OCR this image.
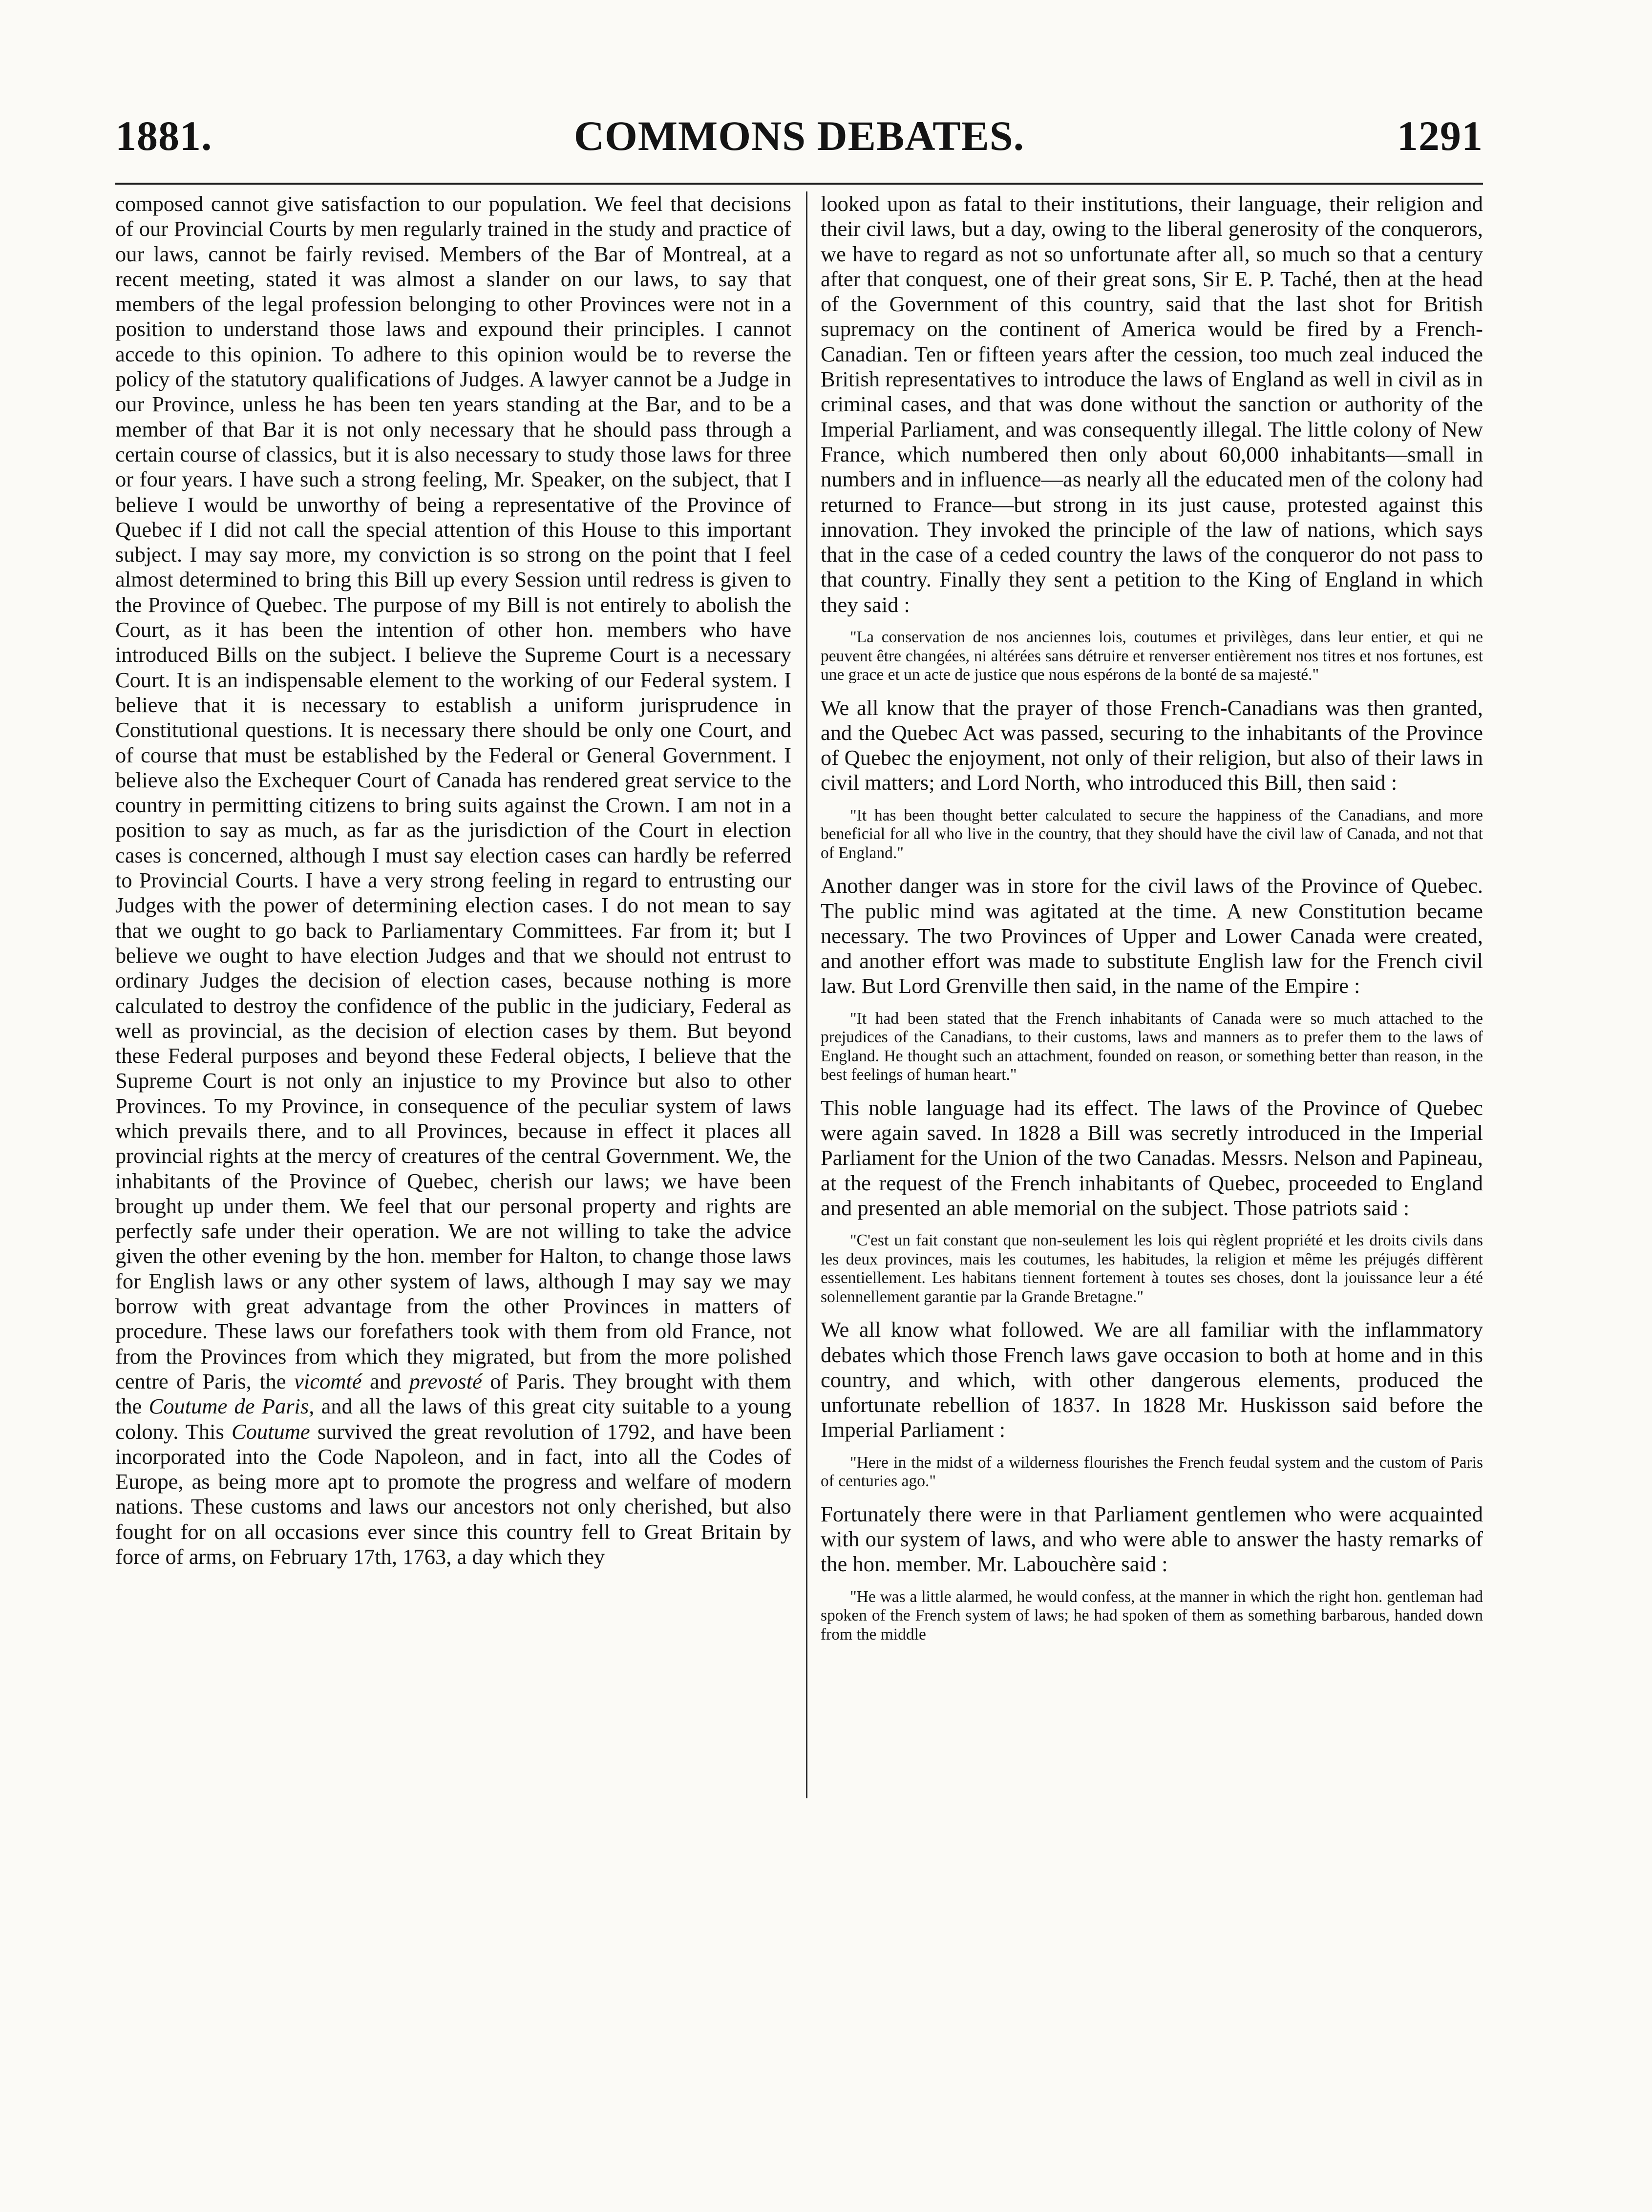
1881.	COMMONS DEBATES.	1291

composed cannot give satisfaction to our population. We feel that decisions of our Provincial Courts by men regularly trained in the study and practice of our laws, cannot be fairly revised. Members of the Bar of Montreal, at a recent meeting, stated it was almost a slander on our laws, to say that members of the legal profession belonging to other Provinces were not in a position to understand those laws and expound their principles. I cannot accede to this opinion. To adhere to this opinion would be to reverse the policy of the statutory qualifications of Judges. A lawyer cannot be a Judge in our Province, unless he has been ten years standing at the Bar, and to be a member of that Bar it is not only necessary that he should pass through a certain course of classics, but it is also necessary to study those laws for three or four years. I have such a strong feeling, Mr. Speaker, on the subject, that I believe I would be unworthy of being a representative of the Province of Quebec if I did not call the special attention of this House to this important subject. I may say more, my conviction is so strong on the point that I feel almost determined to bring this Bill up every Session until redress is given to the Province of Quebec. The purpose of my Bill is not entirely to abolish the Court, as it has been the intention of other hon. members who have introduced Bills on the subject. I believe the Supreme Court is a necessary Court. It is an indispensable element to the working of our Federal system. I believe that it is necessary to establish a uniform jurisprudence in Constitutional questions. It is necessary there should be only one Court, and of course that must be established by the Federal or General Government. I believe also the Exchequer Court of Canada has rendered great service to the country in permitting citizens to bring suits against the Crown. I am not in a position to say as much, as far as the jurisdiction of the Court in election cases is concerned, although I must say election cases can hardly be referred to Provincial Courts. I have a very strong feeling in regard to entrusting our Judges with the power of determining election cases. I do not mean to say that we ought to go back to Parliamentary Committees. Far from it; but I believe we ought to have election Judges and that we should not entrust to ordinary Judges the decision of election cases, because nothing is more calculated to destroy the confidence of the public in the judiciary, Federal as well as provincial, as the decision of election cases by them. But beyond these Federal purposes and beyond these Federal objects, I believe that the Supreme Court is not only an injustice to my Province but also to other Provinces. To my Province, in consequence of the peculiar system of laws which prevails there, and to all Provinces, because in effect it places all provincial rights at the mercy of creatures of the central Government. We, the inhabitants of the Province of Quebec, cherish our laws; we have been brought up under them. We feel that our personal property and rights are perfectly safe under their operation. We are not willing to take the advice given the other evening by the hon. member for Halton, to change those laws for English laws or any other system of laws, although I may say we may borrow with great advantage from the other Provinces in matters of procedure. These laws our forefathers took with them from old France, not from the Provinces from which they migrated, but from the more polished centre of Paris, the vicomté and prevosté of Paris. They brought with them the Coutume de Paris, and all the laws of this great city suitable to a young colony. This Coutume survived the great revolution of 1792, and have been incorporated into the Code Napoleon, and in fact, into all the Codes of Europe, as being more apt to promote the progress and welfare of modern nations. These customs and laws our ancestors not only cherished, but also fought for on all occasions ever since this country fell to Great Britain by force of arms, on February 17th, 1763, a day which they

looked upon as fatal to their institutions, their language, their religion and their civil laws, but a day, owing to the liberal generosity of the conquerors, we have to regard as not so unfortunate after all, so much so that a century after that conquest, one of their great sons, Sir E. P. Taché, then at the head of the Government of this country, said that the last shot for British supremacy on the continent of America would be fired by a French-Canadian. Ten or fifteen years after the cession, too much zeal induced the British representatives to introduce the laws of England as well in civil as in criminal cases, and that was done without the sanction or authority of the Imperial Parliament, and was consequently illegal. The little colony of New France, which numbered then only about 60,000 inhabitants—small in numbers and in influence—as nearly all the educated men of the colony had returned to France—but strong in its just cause, protested against this innovation. They invoked the principle of the law of nations, which says that in the case of a ceded country the laws of the conqueror do not pass to that country. Finally they sent a petition to the King of England in which they said :

"La conservation de nos anciennes lois, coutumes et privilèges, dans leur entier, et qui ne peuvent être changées, ni altérées sans détruire et renverser entièrement nos titres et nos fortunes, est une grace et un acte de justice que nous espérons de la bonté de sa majesté."

We all know that the prayer of those French-Canadians was then granted, and the Quebec Act was passed, securing to the inhabitants of the Province of Quebec the enjoyment, not only of their religion, but also of their laws in civil matters; and Lord North, who introduced this Bill, then said :

"It has been thought better calculated to secure the happiness of the Canadians, and more beneficial for all who live in the country, that they should have the civil law of Canada, and not that of England."

Another danger was in store for the civil laws of the Province of Quebec. The public mind was agitated at the time. A new Constitution became necessary. The two Provinces of Upper and Lower Canada were created, and another effort was made to substitute English law for the French civil law. But Lord Grenville then said, in the name of the Empire :

"It had been stated that the French inhabitants of Canada were so much attached to the prejudices of the Canadians, to their customs, laws and manners as to prefer them to the laws of England. He thought such an attachment, founded on reason, or something better than reason, in the best feelings of human heart."

This noble language had its effect. The laws of the Province of Quebec were again saved. In 1828 a Bill was secretly introduced in the Imperial Parliament for the Union of the two Canadas. Messrs. Nelson and Papineau, at the request of the French inhabitants of Quebec, proceeded to England and presented an able memorial on the subject. Those patriots said :

"C'est un fait constant que non-seulement les lois qui règlent propriété et les droits civils dans les deux provinces, mais les coutumes, les habitudes, la religion et même les préjugés diffèrent essentiellement. Les habitans tiennent fortement à toutes ses choses, dont la jouissance leur a été solennellement garantie par la Grande Bretagne."

We all know what followed. We are all familiar with the inflammatory debates which those French laws gave occasion to both at home and in this country, and which, with other dangerous elements, produced the unfortunate rebellion of 1837. In 1828 Mr. Huskisson said before the Imperial Parliament :

"Here in the midst of a wilderness flourishes the French feudal system and the custom of Paris of centuries ago."

Fortunately there were in that Parliament gentlemen who were acquainted with our system of laws, and who were able to answer the hasty remarks of the hon. member. Mr. Labouchère said :

"He was a little alarmed, he would confess, at the manner in which the right hon. gentleman had spoken of the French system of laws; he had spoken of them as something barbarous, handed down from the middle
